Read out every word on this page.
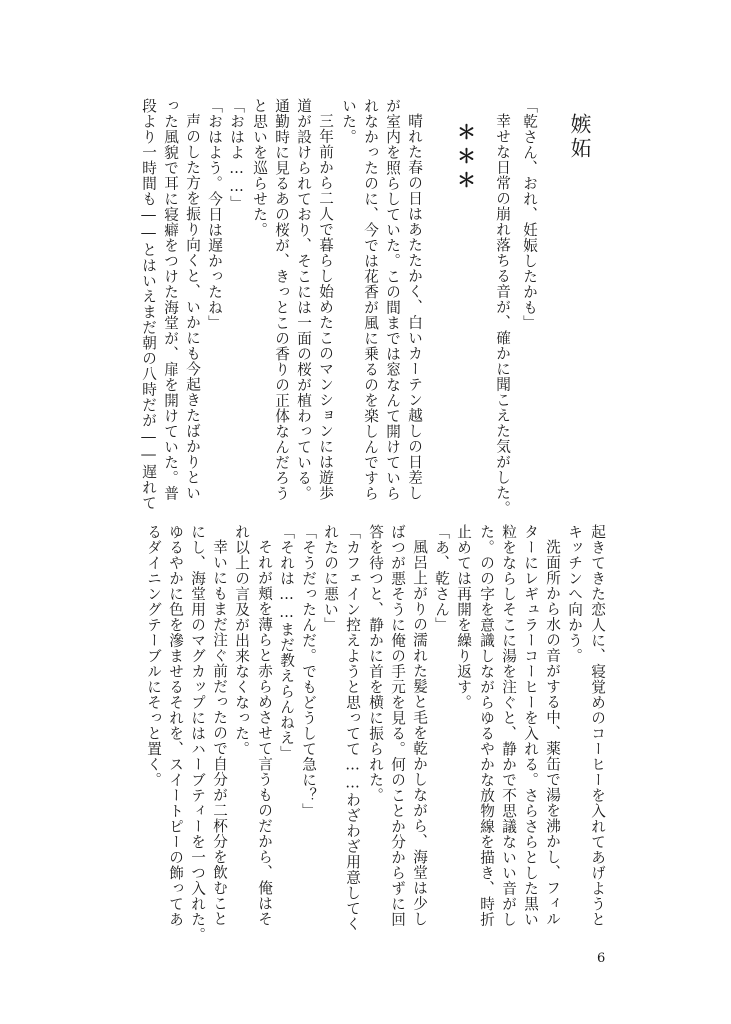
嫉妬
「乾さん、おれ、妊娠したかも」
幸せな日常の崩れ落ちる音が、確かに聞こえた気がした。
＊＊＊
晴れた春の日はあたたかく、白いカーテン越しの日差し
が室内を照らしていた。この間までは窓なんて開けていら
れなかったのに、今では花香が風に乗るのを楽しんですら
いた。
三年前から二人で暮らし始めたこのマンションには遊歩
道が設けられており、そこには一面の桜が植わっている。
通勤時に見るあの桜が、きっとこの香りの正体なんだろう
と思いを巡らせた。
「おはよ……」
「おはよう。今日は遅かったね」
声のした方を振り向くと、いかにも今起きたばかりとい
った風貌で耳に寝癖をつけた海堂が、扉を開けていた。普
段より一時間も――とはいえまだ朝の八時だが――遅れて
起きてきた恋人に、寝覚めのコーヒーを入れてあげようと
キッチンへ向かう。
洗面所から水の音がする中、薬缶で湯を沸かし、フィル
ターにレギュラーコーヒーを入れる。さらさらとした黒い
粒をならしそこに湯を注ぐと、静かで不思議ないい音がし
た。のの字を意識しながらゆるやかな放物線を描き、時折
止めては再開を繰り返す。
「あ、乾さん」
風呂上がりの濡れた髪と毛を乾かしながら、海堂は少し
ばつが悪そうに俺の手元を見る。何のことか分からずに回
答を待つと、静かに首を横に振られた。
「カフェイン控えようと思ってて……わざわざ用意してく
れたのに悪い」
「そうだったんだ。でもどうして急に？」
「それは……まだ教えらんねえ」
それが頬を薄らと赤らめさせて言うものだから、俺はそ
れ以上の言及が出来なくなった。
幸いにもまだ注ぐ前だったので自分が二杯分を飲むこと
にし、海堂用のマグカップにはハーブティーを一つ入れた。
ゆるやかに色を滲ませるそれを、スイートピーの飾ってあ
るダイニングテーブルにそっと置く。
6
